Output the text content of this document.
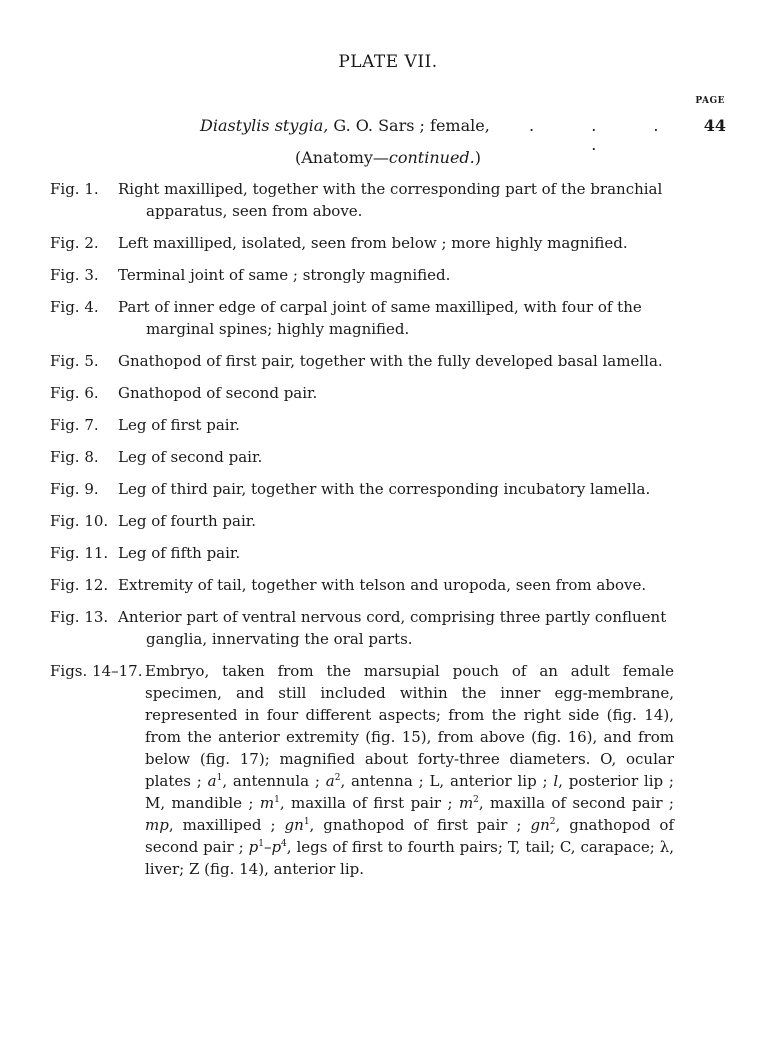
PLATE VII.
PAGE
Diastylis stygia, G. O. Sars ; female,	. . . .
44
(Anatomy—continued.)
Fig. 1.	Right maxilliped, together with the corresponding part of the branchial
apparatus, seen from above.
Fig. 2.	Left maxilliped, isolated, seen from below ; more highly magnified.
Fig. 3.	Terminal joint of same ; strongly magnified.
Fig. 4.	Part of inner edge of carpal joint of same maxilliped, with four of the
marginal spines; highly magnified.
Fig. 5.	Gnathopod of first pair, together with the fully developed basal lamella.
Fig. 6.	Gnathopod of second pair.
Fig. 7.	Leg of first pair.
Fig. 8.	Leg of second pair.
Fig. 9.	Leg of third pair, together with the corresponding incubatory lamella.
Fig. 10. Leg of fourth pair.
Fig. 11. Leg of fifth pair.
Fig. 12. Extremity of tail, together with telson and uropoda, seen from above.
Fig. 13. Anterior part of ventral nervous cord, comprising three partly confluent
ganglia, innervating the oral parts.
Figs. 14–17. Embryo, taken from the marsupial pouch of an adult female specimen, and still included within the inner egg-membrane, represented in four different aspects; from the right side (fig. 14), from the anterior extremity (fig. 15), from above (fig. 16), and from below (fig. 17); magnified about forty-three diameters. O, ocular plates ; $a^1$, antennula ; $a^2$, antenna ; L, anterior lip ; l, posterior lip ; M, mandible ; $m^1$, maxilla of first pair ; $m^2$, maxilla of second pair ; mp, maxilliped ; $gn^1$, gnathopod of first pair ; $gn^2$, gnathopod of second pair ; $p^1-p^4$, legs of first to fourth pairs; T, tail; C, carapace; λ, liver; Z (fig. 14), anterior lip.
